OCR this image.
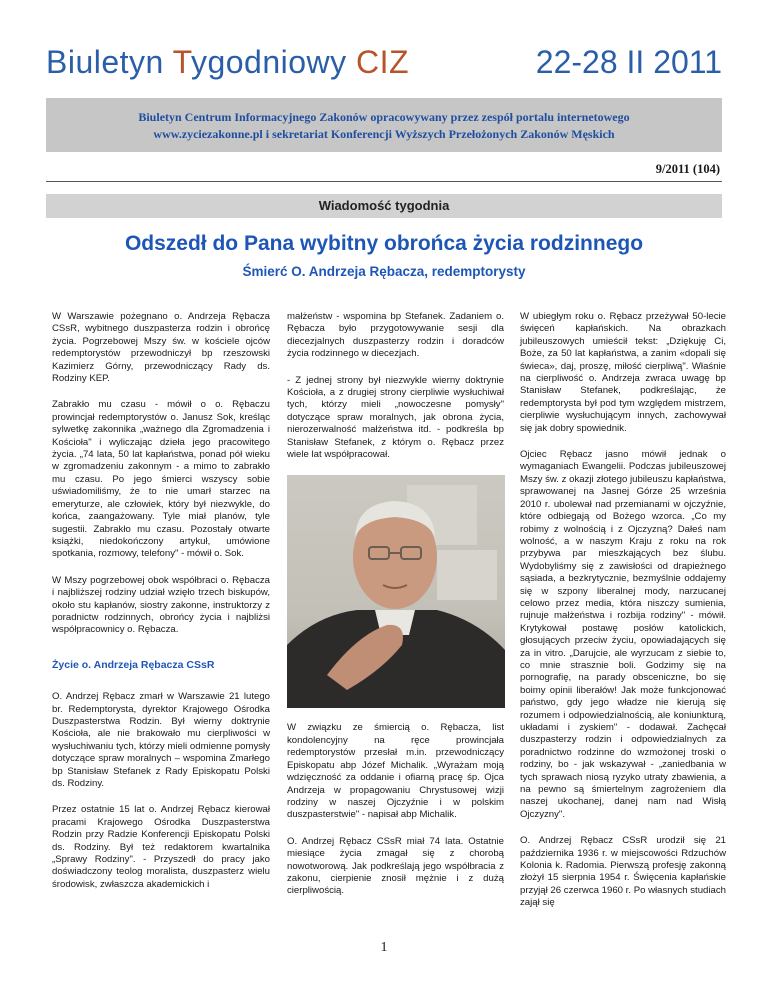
Biuletyn Tygodniowy CIZ	22-28 II 2011
Biuletyn Centrum Informacyjnego Zakonów opracowywany przez zespół portalu internetowego
www.zyciezakonne.pl i sekretariat Konferencji Wyższych Przełożonych Zakonów Męskich
9/2011 (104)
Wiadomość tygodnia
Odszedł do Pana wybitny obrońca życia rodzinnego
Śmierć O. Andrzeja Rębacza, redemptorysty

W Warszawie pożegnano o. Andrzeja Rębacza CSsR, wybitnego duszpasterza rodzin i obrońcę życia. Pogrzebowej Mszy św. w kościele ojców redemptorystów przewodniczył bp rzeszowski Kazimierz Górny, przewodniczący Rady ds. Rodziny KEP.

Zabrakło mu czasu - mówił o o. Rębaczu prowincjał redemptorystów o. Janusz Sok, kreśląc sylwetkę zakonnika „ważnego dla Zgromadzenia i Kościoła" i wyliczając dzieła jego pracowitego życia. „74 lata, 50 lat kapłaństwa, ponad pół wieku w zgromadzeniu zakonnym - a mimo to zabrakło mu czasu. Po jego śmierci wszyscy sobie uświadomiliśmy, że to nie umarł starzec na emeryturze, ale człowiek, który był niezwykle, do końca, zaangażowany. Tyle miał planów, tyle sugestii. Zabrakło mu czasu. Pozostały otwarte książki, niedokończony artykuł, umówione spotkania, rozmowy, telefony" - mówił o. Sok.

W Mszy pogrzebowej obok współbraci o. Rębacza i najbliższej rodziny udział wzięło trzech biskupów, około stu kapłanów, siostry zakonne, instruktorzy z poradnictw rodzinnych, obrońcy życia i najbliżsi współpracownicy o. Rębacza.

Życie o. Andrzeja Rębacza CSsR

O. Andrzej Rębacz zmarł w Warszawie 21 lutego br. Redemptorysta, dyrektor Krajowego Ośrodka Duszpasterstwa Rodzin. Był wierny doktrynie Kościoła, ale nie brakowało mu cierpliwości w wysłuchiwaniu tych, którzy mieli odmienne pomysły dotyczące spraw moralnych – wspomina Zmarłego bp Stanisław Stefanek z Rady Episkopatu Polski ds. Rodziny.

Przez ostatnie 15 lat o. Andrzej Rębacz kierował pracami Krajowego Ośrodka Duszpasterstwa Rodzin przy Radzie Konferencji Episkopatu Polski ds. Rodziny. Był też redaktorem kwartalnika „Sprawy Rodziny". - Przyszedł do pracy jako doświadczony teolog moralista, duszpasterz wielu środowisk, zwłaszcza akademickich i

małżeństw - wspomina bp Stefanek. Zadaniem o. Rębacza było przygotowywanie sesji dla diecezjalnych duszpasterzy rodzin i doradców życia rodzinnego w diecezjach.

- Z jednej strony był niezwykle wierny doktrynie Kościoła, a z drugiej strony cierpliwie wysłuchiwał tych, którzy mieli „nowoczesne pomysły" dotyczące spraw moralnych, jak obrona życia, nierozerwalność małżeństwa itd. - podkreśla bp Stanisław Stefanek, z którym o. Rębacz przez wiele lat współpracował.

W związku ze śmiercią o. Rębacza, list kondolencyjny na ręce prowincjała redemptorystów przesłał m.in. przewodniczący Episkopatu abp Józef Michalik. „Wyrażam moją wdzięczność za oddanie i ofiarną pracę śp. Ojca Andrzeja w propagowaniu Chrystusowej wizji rodziny w naszej Ojczyźnie i w polskim duszpasterstwie" - napisał abp Michalik.

O. Andrzej Rębacz CSsR miał 74 lata. Ostatnie miesiące życia zmagał się z chorobą nowotworową. Jak podkreślają jego współbracia z zakonu, cierpienie znosił mężnie i z dużą cierpliwością.

W ubiegłym roku o. Rębacz przeżywał 50-lecie święceń kapłańskich. Na obrazkach jubileuszowych umieścił tekst: „Dziękuję Ci, Boże, za 50 lat kapłaństwa, a zanim «dopali się świeca», daj, proszę, miłość cierpliwą". Właśnie na cierpliwość o. Andrzeja zwraca uwagę bp Stanisław Stefanek, podkreślając, że redemptorysta był pod tym względem mistrzem, cierpliwie wysłuchującym innych, zachowywał się jak dobry spowiednik.

Ojciec Rębacz jasno mówił jednak o wymaganiach Ewangelii. Podczas jubileuszowej Mszy św. z okazji złotego jubileuszu kapłaństwa, sprawowanej na Jasnej Górze 25 września 2010 r. ubolewał nad przemianami w ojczyźnie, które odbiegają od Bożego wzorca. „Co my robimy z wolnością i z Ojczyzną? Dałeś nam wolność, a w naszym Kraju z roku na rok przybywa par mieszkających bez ślubu. Wydobyliśmy się z zawisłości od drapieżnego sąsiada, a bezkrytycznie, bezmyślnie oddajemy się w szpony liberalnej mody, narzucanej celowo przez media, która niszczy sumienia, rujnuje małżeństwa i rozbija rodziny" - mówił. Krytykował postawę posłów katolickich, głosujących przeciw życiu, opowiadających się za in vitro. „Darujcie, ale wyrzucam z siebie to, co mnie strasznie boli. Godzimy się na pornografię, na parady obsceniczne, bo się boimy opinii liberałów! Jak może funkcjonować państwo, gdy jego władze nie kierują się rozumem i odpowiedzialnością, ale koniunkturą, układami i zyskiem" - dodawał. Zachęcał duszpasterzy rodzin i odpowiedzialnych za poradnictwo rodzinne do wzmożonej troski o rodziny, bo - jak wskazywał - „zaniedbania w tych sprawach niosą ryzyko utraty zbawienia, a na pewno są śmiertelnym zagrożeniem dla naszej ukochanej, danej nam nad Wisłą Ojczyzny".

O. Andrzej Rębacz CSsR urodził się 21 października 1936 r. w miejscowości Rdzuchów Kolonia k. Radomia. Pierwszą profesję zakonną złożył 15 sierpnia 1954 r. Święcenia kapłańskie przyjął 26 czerwca 1960 r. Po własnych studiach zajął się

1
